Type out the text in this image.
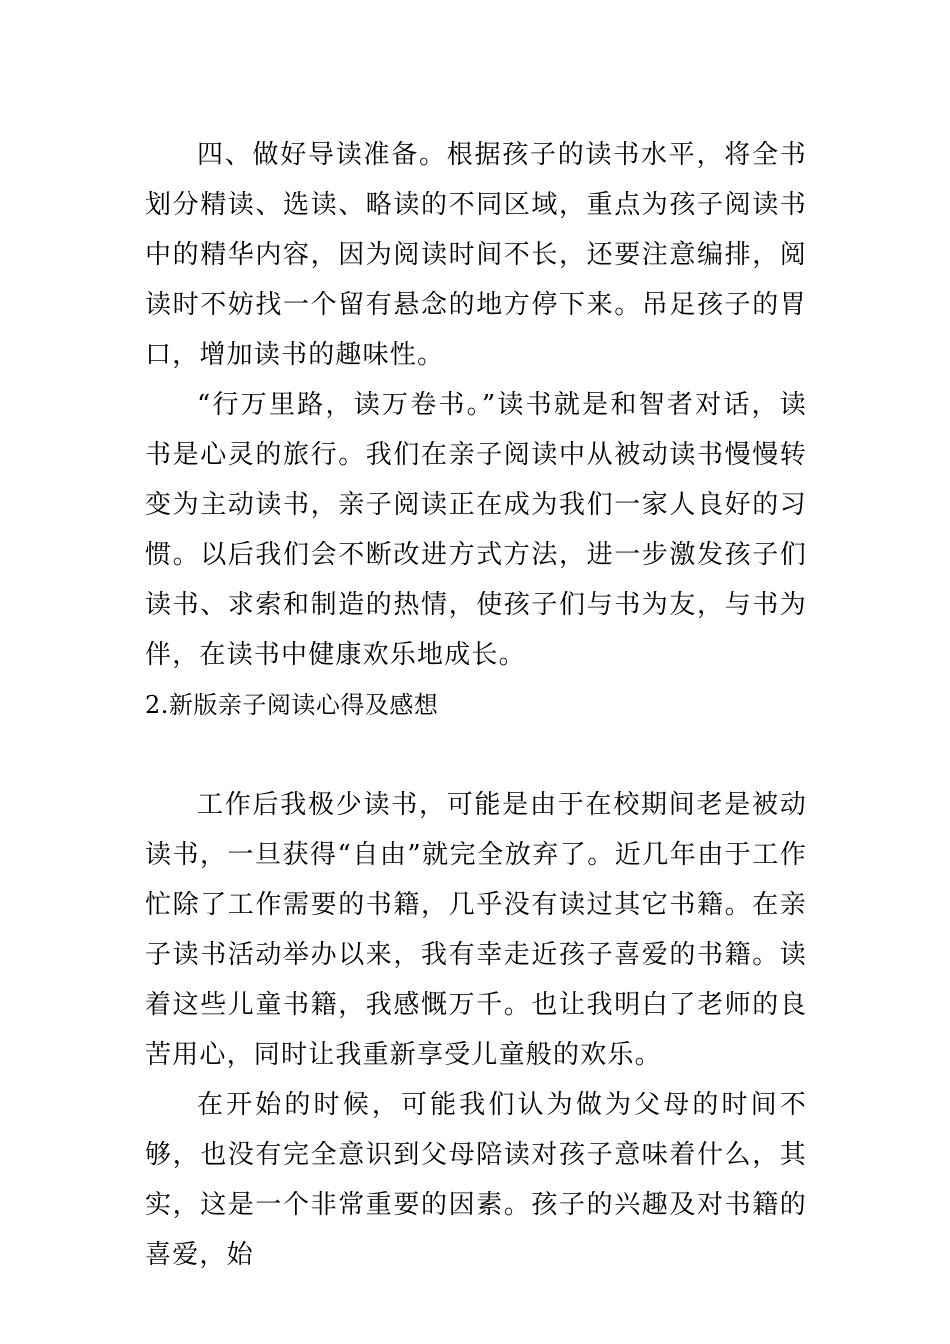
四、做好导读准备。根据孩子的读书水平，将全书划分精读、选读、略读的不同区域，重点为孩子阅读书中的精华内容，因为阅读时间不长，还要注意编排，阅读时不妨找一个留有悬念的地方停下来。吊足孩子的胃口，增加读书的趣味性。

“行万里路，读万卷书。”读书就是和智者对话，读书是心灵的旅行。我们在亲子阅读中从被动读书慢慢转变为主动读书，亲子阅读正在成为我们一家人良好的习惯。以后我们会不断改进方式方法，进一步激发孩子们读书、求索和制造的热情，使孩子们与书为友，与书为伴，在读书中健康欢乐地成长。

2.新版亲子阅读心得及感想

工作后我极少读书，可能是由于在校期间老是被动读书，一旦获得“自由”就完全放弃了。近几年由于工作忙除了工作需要的书籍，几乎没有读过其它书籍。在亲子读书活动举办以来，我有幸走近孩子喜爱的书籍。读着这些儿童书籍，我感慨万千。也让我明白了老师的良苦用心，同时让我重新享受儿童般的欢乐。

在开始的时候，可能我们认为做为父母的时间不够，也没有完全意识到父母陪读对孩子意味着什么，其实，这是一个非常重要的因素。孩子的兴趣及对书籍的喜爱，始
